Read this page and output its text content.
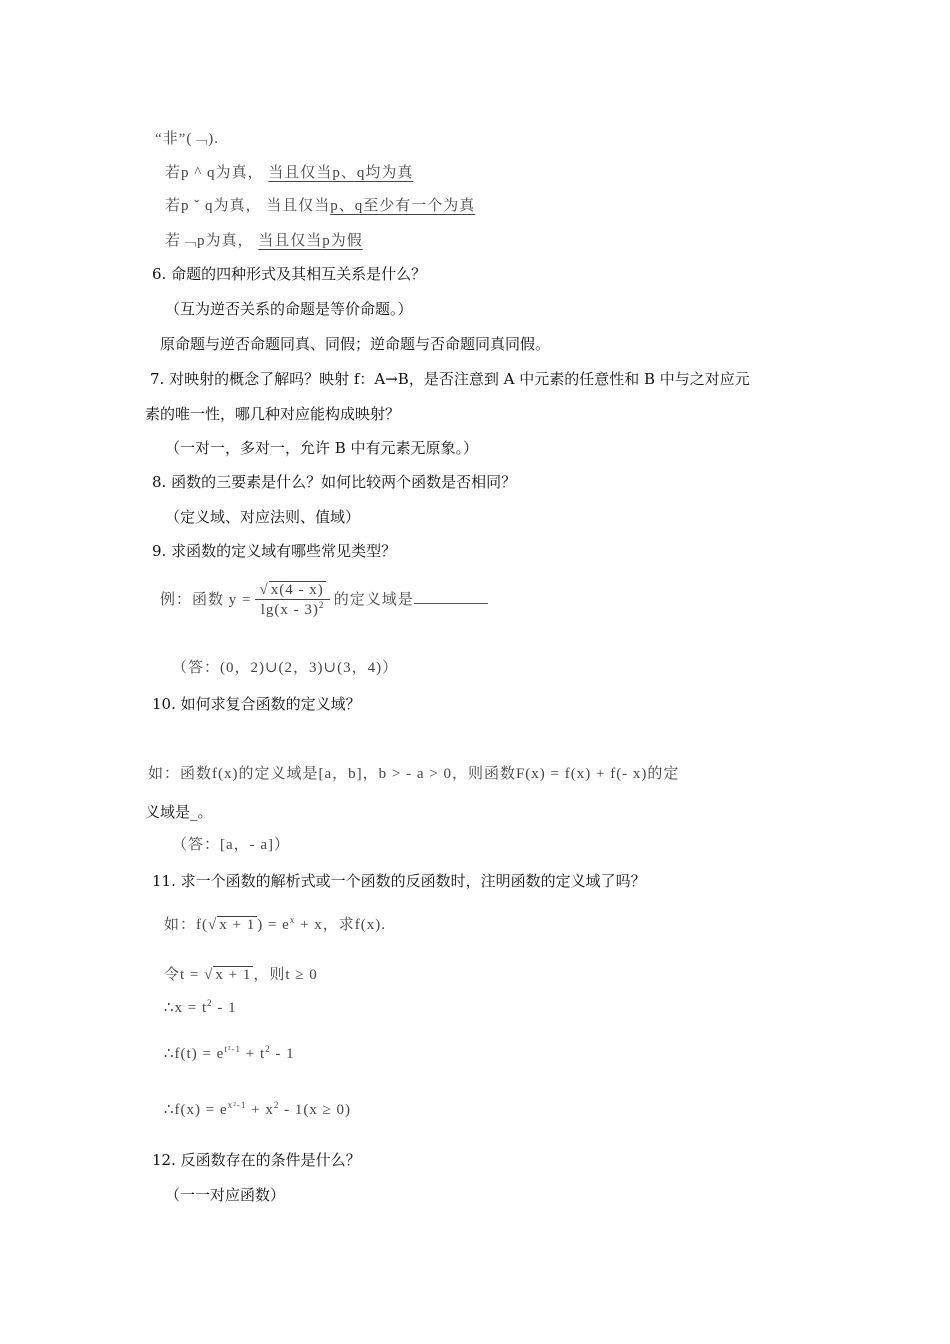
“非”(﹁).
若p ^ q为真， 当且仅当p、q均为真
若p ˇ q为真， 当且仅当p、q至少有一个为真
若﹁p为真， 当且仅当p为假
6. 命题的四种形式及其相互关系是什么？
（互为逆否关系的命题是等价命题。）
原命题与逆否命题同真、同假；逆命题与否命题同真同假。
7. 对映射的概念了解吗？映射 f：A→B，是否注意到 A 中元素的任意性和 B 中与之对应元
素的唯一性，哪几种对应能构成映射？
（一对一，多对一，允许 B 中有元素无原象。）
8. 函数的三要素是什么？如何比较两个函数是否相同？
（定义域、对应法则、值域）
9. 求函数的定义域有哪些常见类型？
例：函数 $y = \frac{√ x(4 - x)}{\lg(x - 3)^2}$ 的定义域是
（答：(0，2)∪(2，3)∪(3，4)）
10. 如何求复合函数的定义域？
如：函数f(x)的定义域是[a，b]，b > - a > 0，则函数F(x) = f(x) + f(- x)的定
义域是_。
（答：[a，- a]）
11. 求一个函数的解析式或一个函数的反函数时，注明函数的定义域了吗？
如：f(√ x + 1 ) = $e^x + x$，求f(x).
令t = √ x + 1 ，则t ≥ 0
∴x = $t^2 - 1$
∴f(t) = $e^{t^2-1} + t^2 - 1$
∴f(x) = $e^{x^2-1} + x^2 - 1(x \ge 0)$
12. 反函数存在的条件是什么？
（一一对应函数）
